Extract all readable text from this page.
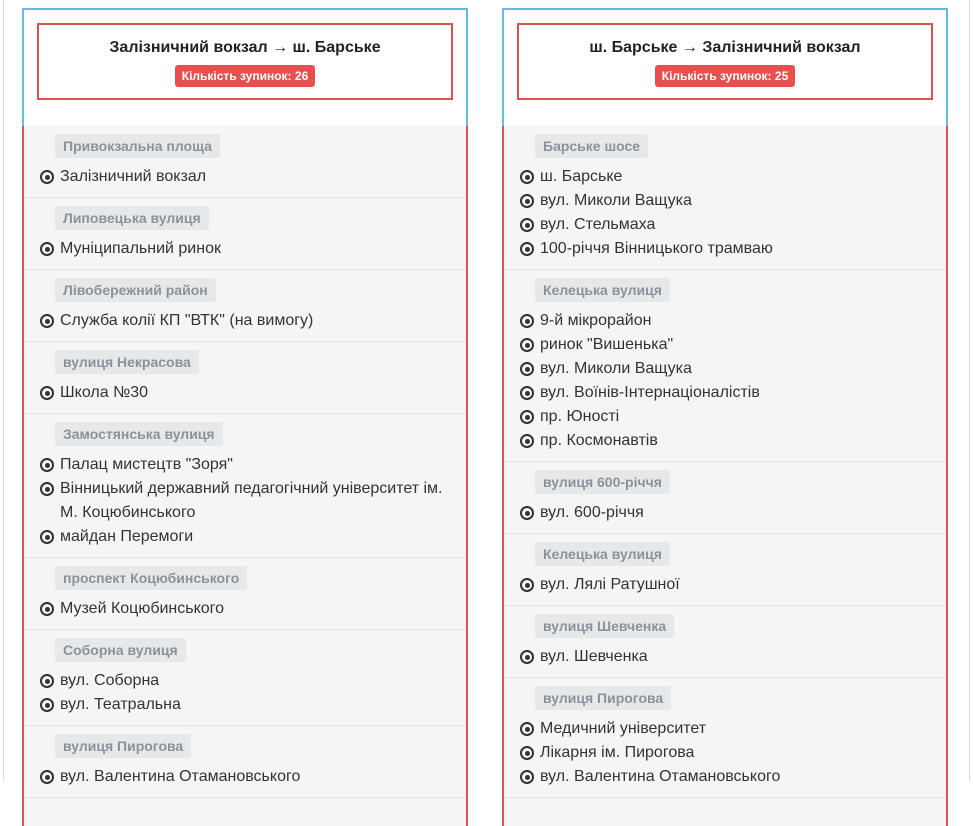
Залізничний вокзал → ш. Барське
Кількість зупинок: 26
Привокзальна площа
Залізничний вокзал
Липовецька вулиця
Муніципальний ринок
Лівобережний район
Служба колії КП "ВТК" (на вимогу)
вулиця Некрасова
Школа №30
Замостянська вулиця
Палац мистецтв "Зоря"
Вінницький державний педагогічний університет ім. М. Коцюбинського
майдан Перемоги
проспект Коцюбинського
Музей Коцюбинського
Соборна вулиця
вул. Соборна
вул. Театральна
вулиця Пирогова
вул. Валентина Отамановського
ш. Барське → Залізничний вокзал
Кількість зупинок: 25
Барське шосе
ш. Барське
вул. Миколи Ващука
вул. Стельмаха
100-річчя Вінницького трамваю
Келецька вулиця
9-й мікрорайон
ринок "Вишенька"
вул. Миколи Ващука
вул. Воїнів-Інтернаціоналістів
пр. Юності
пр. Космонавтів
вулиця 600-річчя
вул. 600-річчя
Келецька вулиця
вул. Лялі Ратушної
вулиця Шевченка
вул. Шевченка
вулиця Пирогова
Медичний університет
Лікарня ім. Пирогова
вул. Валентина Отамановського
